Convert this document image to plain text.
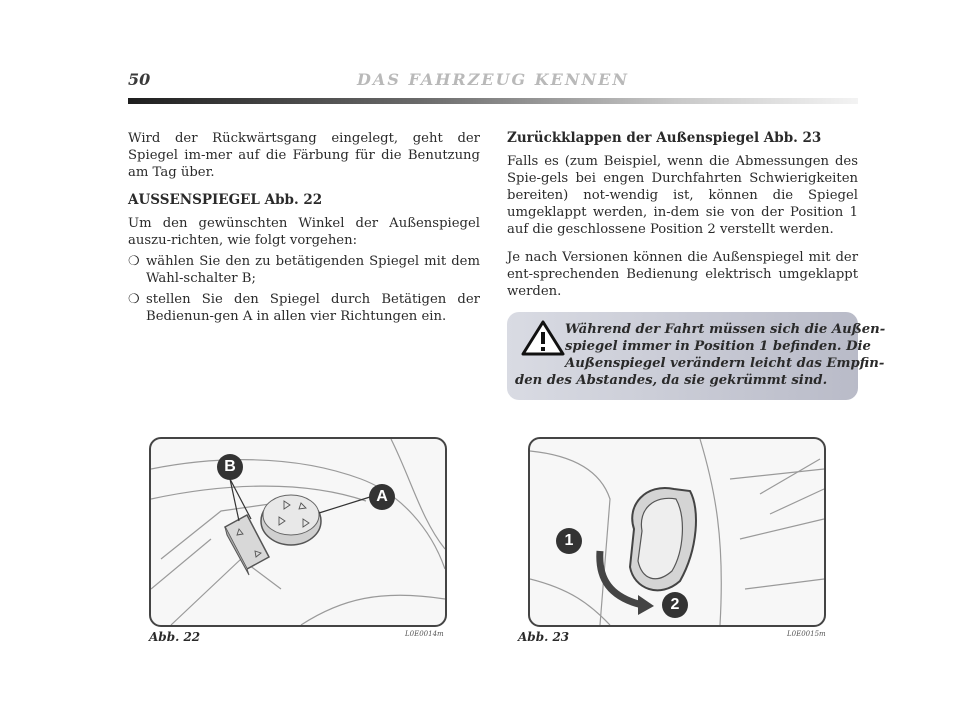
50	DAS FAHRZEUG KENNEN

Wird der Rückwärtsgang eingelegt, geht der Spiegel im-mer auf die Färbung für die Benutzung am Tag über.

AUSSENSPIEGEL Abb. 22

Um den gewünschten Winkel der Außenspiegel auszu-richten, wie folgt vorgehen:

❍ wählen Sie den zu betätigenden Spiegel mit dem Wahl-schalter B;
❍ stellen Sie den Spiegel durch Betätigen der Bedienun-gen A in allen vier Richtungen ein.
Zurückklappen der Außenspiegel Abb. 23

Falls es (zum Beispiel, wenn die Abmessungen des Spie-gels bei engen Durchfahrten Schwierigkeiten bereiten) not-wendig ist, können die Spiegel umgeklappt werden, in-dem sie von der Position 1 auf die geschlossene Position 2 verstellt werden.

Je nach Versionen können die Außenspiegel mit der ent-sprechenden Bedienung elektrisch umgeklappt werden.

Während der Fahrt müssen sich die Außen-
spiegel immer in Position 1 befinden. Die
Außenspiegel verändern leicht das Empfin-
den des Abstandes, da sie gekrümmt sind.
B
A
Abb. 22	L0E0014m
1
2
Abb. 23	L0E0015m
